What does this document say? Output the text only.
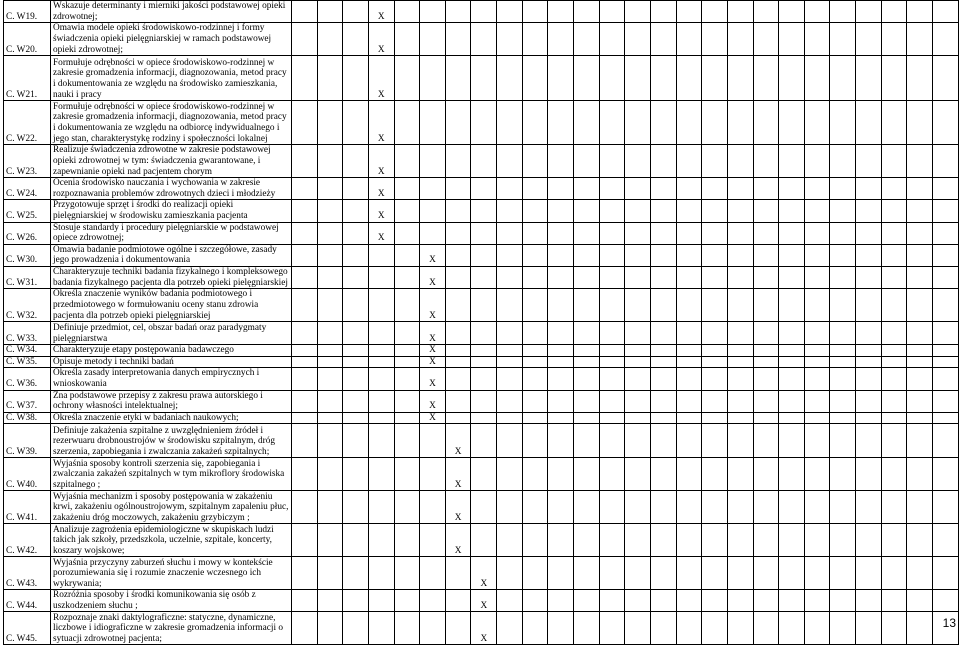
C. W19.	Wskazuje determinanty i mierniki jakości podstawowej opieki zdrowotnej;				X																						
C. W20.	Omawia modele opieki środowiskowo-rodzinnej i formy świadczenia opieki pielęgniarskiej w ramach podstawowej opieki zdrowotnej;				X																						
C. W21.	Formułuje odrębności w opiece środowiskowo-rodzinnej w zakresie gromadzenia informacji, diagnozowania, metod pracy i dokumentowania ze względu na środowisko zamieszkania, nauki i pracy				X																						
C. W22.	Formułuje odrębności w opiece środowiskowo-rodzinnej w zakresie gromadzenia informacji, diagnozowania, metod pracy i dokumentowania ze względu na odbiorcę indywidualnego i jego stan, charakterystykę rodziny i społeczności lokalnej				X																						
C. W23.	Realizuje świadczenia zdrowotne w zakresie podstawowej opieki zdrowotnej w tym: świadczenia gwarantowane, i zapewnianie opieki nad pacjentem chorym				X																						
C. W24.	Ocenia środowisko nauczania i wychowania w zakresie rozpoznawania problemów zdrowotnych dzieci i młodzieży				X																						
C. W25.	Przygotowuje sprzęt i środki do realizacji opieki pielęgniarskiej w środowisku zamieszkania pacjenta				X																						
C. W26.	Stosuje standardy i procedury pielęgniarskie w podstawowej opiece zdrowotnej;				X																						
C. W30.	Omawia badanie podmiotowe ogólne i szczegółowe, zasady jego prowadzenia i dokumentowania						X																				
C. W31.	Charakteryzuje techniki badania fizykalnego i kompleksowego badania fizykalnego pacjenta dla potrzeb opieki pielęgniarskiej						X																				
C. W32.	Określa znaczenie wyników badania podmiotowego i przedmiotowego w formułowaniu oceny stanu zdrowia pacjenta dla potrzeb opieki pielęgniarskiej						X																				
C. W33.	Definiuje przedmiot, cel, obszar badań oraz paradygmaty pielęgniarstwa						X																				
C. W34.	Charakteryzuje etapy postępowania badawczego						X																				
C. W35.	Opisuje metody i techniki badań						X																				
C. W36.	Określa zasady interpretowania danych empirycznych i wnioskowania						X																				
C. W37.	Zna podstawowe przepisy z zakresu prawa autorskiego i ochrony własności intelektualnej;						X																				
C. W38.	Określa znaczenie etyki w badaniach naukowych;						X																				
C. W39.	Definiuje zakażenia szpitalne z uwzględnieniem źródeł i rezerwuaru drobnoustrojów w środowisku szpitalnym, dróg szerzenia, zapobiegania i zwalczania zakażeń szpitalnych;							X																			
C. W40.	Wyjaśnia sposoby kontroli szerzenia się, zapobiegania i zwalczania zakażeń szpitalnych w tym mikroflory środowiska szpitalnego ;							X																			
C. W41.	Wyjaśnia mechanizm i sposoby postępowania w zakażeniu krwi, zakażeniu ogólnoustrojowym, szpitalnym zapaleniu płuc, zakażeniu dróg moczowych, zakażeniu grzybiczym ;							X																			
C. W42.	Analizuje zagrożenia epidemiologiczne w skupiskach ludzi takich jak szkoły, przedszkola, uczelnie, szpitale, koncerty, koszary wojskowe;							X																			
C. W43.	Wyjaśnia przyczyny zaburzeń słuchu i mowy w kontekście porozumiewania się i rozumie znaczenie wczesnego ich wykrywania;								X																		
C. W44.	Rozróżnia sposoby i środki komunikowania się osób z uszkodzeniem słuchu ;								X																		
C. W45.	Rozpoznaje znaki daktylograficzne: statyczne, dynamiczne, liczbowe i idiograficzne w zakresie gromadzenia informacji o sytuacji zdrowotnej pacjenta;								X																		
13
